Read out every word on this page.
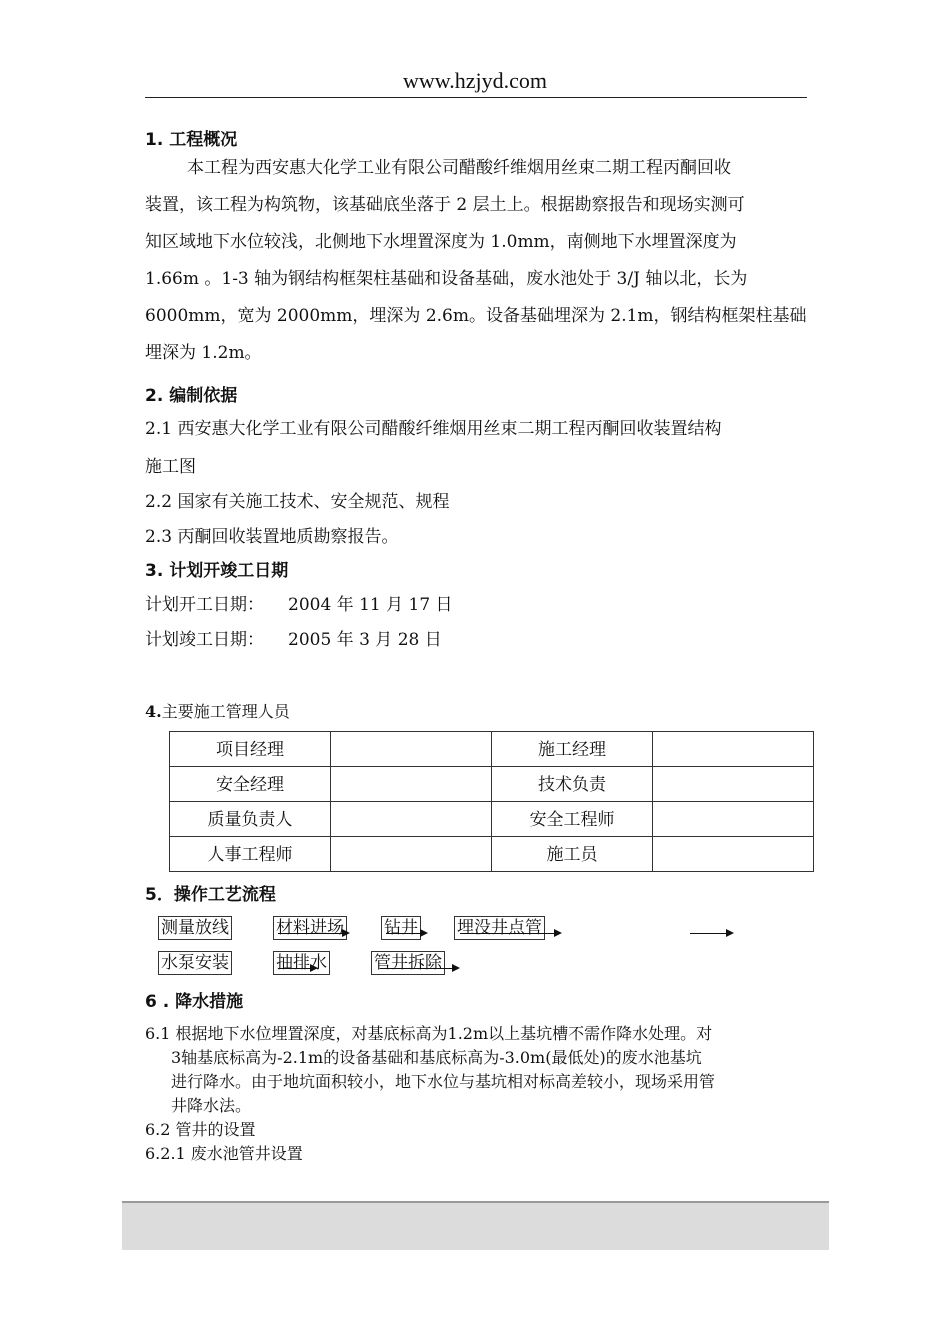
www.hzjyd.com
1. 工程概况
本工程为西安惠大化学工业有限公司醋酸纤维烟用丝束二期工程丙酮回收
装置，该工程为构筑物，该基础底坐落于 2 层土上。根据勘察报告和现场实测可
知区域地下水位较浅，北侧地下水埋置深度为 1.0mm，南侧地下水埋置深度为
1.66m 。1-3 轴为钢结构框架柱基础和设备基础，废水池处于 3/J 轴以北，长为
6000mm，宽为 2000mm，埋深为 2.6m。设备基础埋深为 2.1m，钢结构框架柱基础
埋深为 1.2m。
2. 编制依据
2.1 西安惠大化学工业有限公司醋酸纤维烟用丝束二期工程丙酮回收装置结构
施工图
2.2 国家有关施工技术、安全规范、规程
2.3 丙酮回收装置地质勘察报告。
3. 计划开竣工日期
计划开工日期： 2004 年 11 月 17 日
计划竣工日期： 2005 年 3 月 28 日
4.主要施工管理人员
项目经理		施工经理	
安全经理		技术负责	
质量负责人		安全工程师	
人事工程师		施工员	
5．操作工艺流程
测量放线	材料进场 钻井 埋没井点管
水泵安装	抽排水	管井拆除
6 . 降水措施
6.1 根据地下水位埋置深度，对基底标高为1.2m以上基坑槽不需作降水处理。对
3轴基底标高为-2.1m的设备基础和基底标高为-3.0m(最低处)的废水池基坑
进行降水。由于地坑面积较小，地下水位与基坑相对标高差较小，现场采用管
井降水法。
6.2 管井的设置
6.2.1 废水池管井设置
